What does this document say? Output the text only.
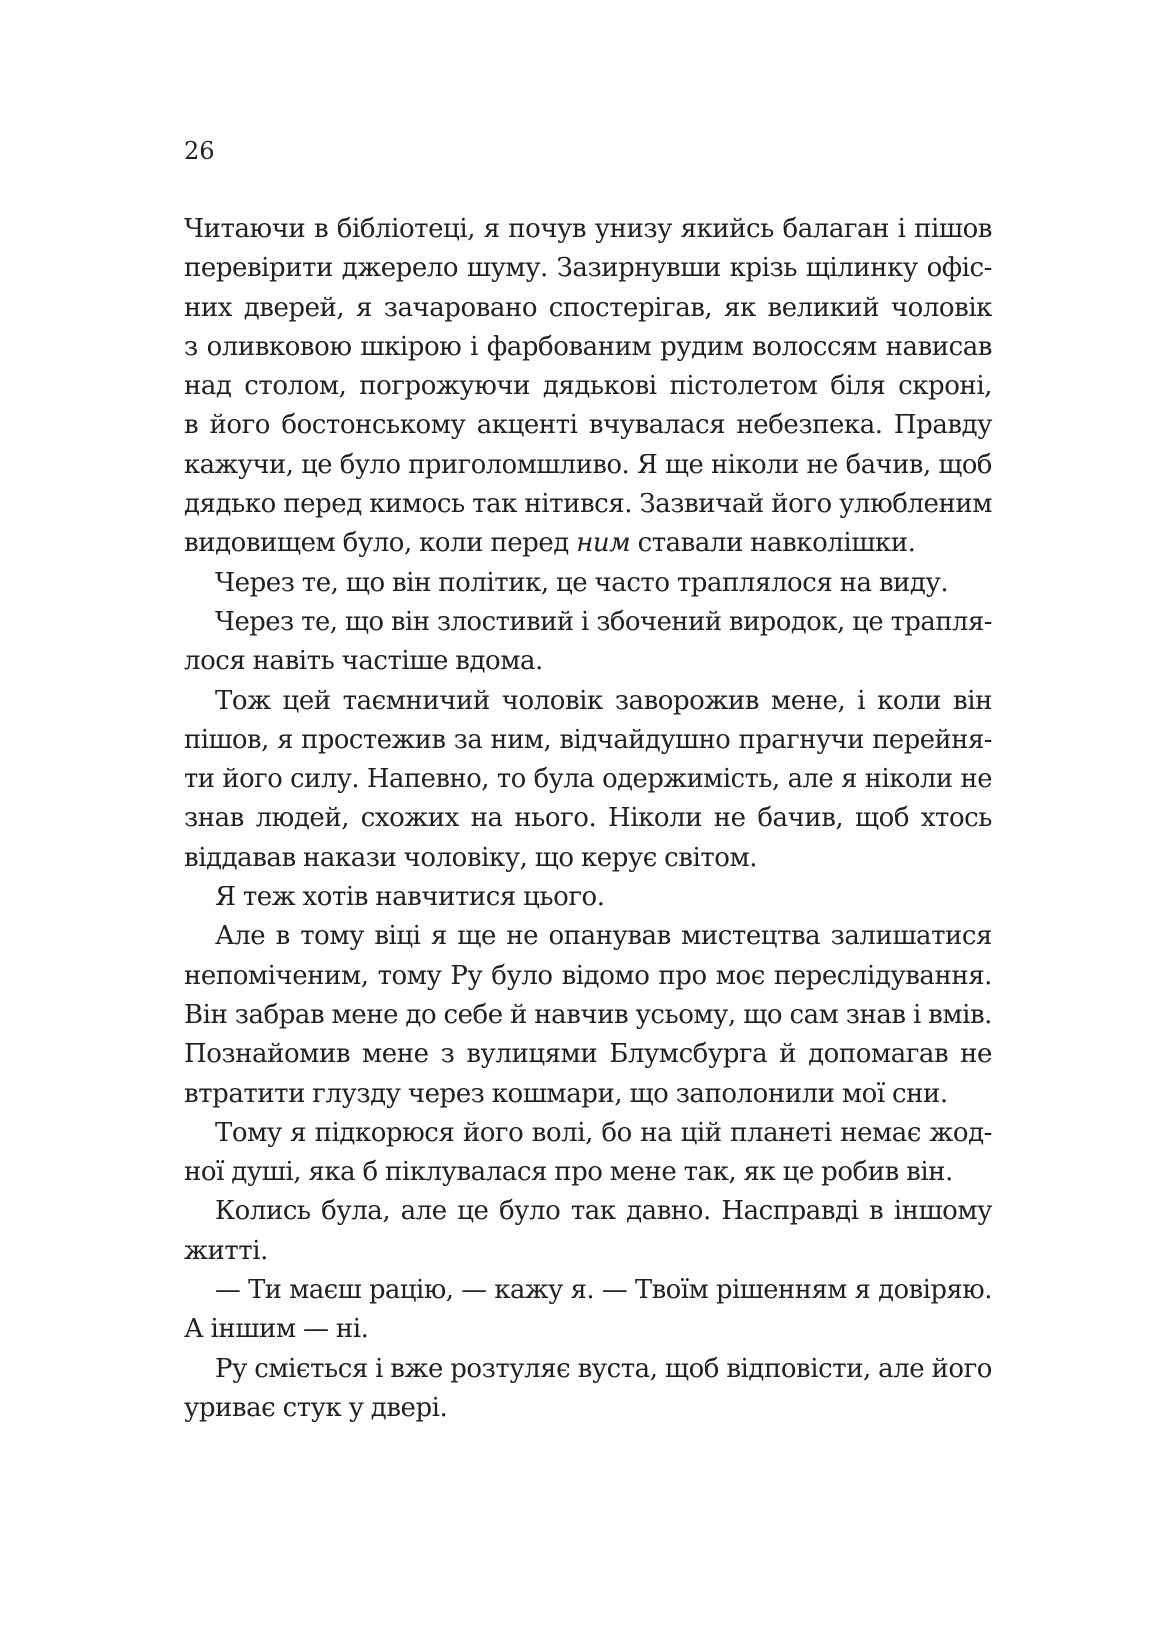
26
Читаючи в бібліотеці, я почув унизу якийсь балаган і пішов
перевірити джерело шуму. Зазирнувши крізь щілинку офіс-
них дверей, я зачаровано спостерігав, як великий чоловік
з оливковою шкірою і фарбованим рудим волоссям нависав
над столом, погрожуючи дядькові пістолетом біля скроні,
в його бостонському акценті вчувалася небезпека. Правду
кажучи, це було приголомшливо. Я ще ніколи не бачив, щоб
дядько перед кимось так нітився. Зазвичай його улюбленим
видовищем було, коли перед ним ставали навколішки.
Через те, що він політик, це часто траплялося на виду.
Через те, що він злостивий і збочений виродок, це трапля-
лося навіть частіше вдома.
Тож цей таємничий чоловік заворожив мене, і коли він
пішов, я простежив за ним, відчайдушно прагнучи перейня-
ти його силу. Напевно, то була одержимість, але я ніколи не
знав людей, схожих на нього. Ніколи не бачив, щоб хтось
віддавав накази чоловіку, що керує світом.
Я теж хотів навчитися цього.
Але в тому віці я ще не опанував мистецтва залишатися
непоміченим, тому Ру було відомо про моє переслідування.
Він забрав мене до себе й навчив усьому, що сам знав і вмів.
Познайомив мене з вулицями Блумсбурга й допомагав не
втратити глузду через кошмари, що заполонили мої сни.
Тому я підкорюся його волі, бо на цій планеті немає жод-
ної душі, яка б піклувалася про мене так, як це робив він.
Колись була, але це було так давно. Насправді в іншому
житті.
— Ти маєш рацію, — кажу я. — Твоїм рішенням я довіряю.
А іншим — ні.
Ру сміється і вже розтуляє вуста, щоб відповісти, але його
уриває стук у двері.
